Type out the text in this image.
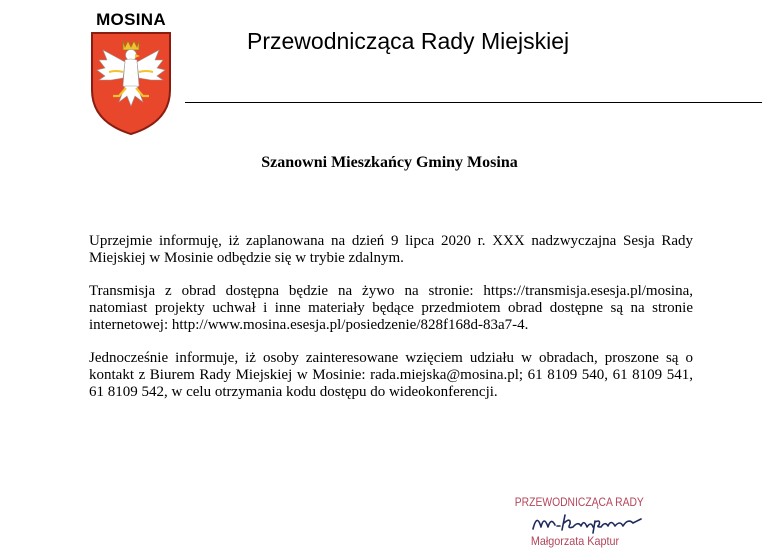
MOSINA
Przewodnicząca Rady Miejskiej
Szanowni Mieszkańcy Gminy Mosina

Uprzejmie informuję, iż zaplanowana na dzień 9 lipca 2020 r. XXX nadzwyczajna Sesja Rady Miejskiej w Mosinie odbędzie się w trybie zdalnym.

Transmisja z obrad dostępna będzie na żywo na stronie: https://transmisja.esesja.pl/mosina, natomiast projekty uchwał i inne materiały będące przedmiotem obrad dostępne są na stronie internetowej: http://www.mosina.esesja.pl/posiedzenie/828f168d-83a7-4.

Jednocześnie informuje, iż osoby zainteresowane wzięciem udziału w obradach, proszone są o kontakt z Biurem Rady Miejskiej w Mosinie: rada.miejska@mosina.pl; 61 8109 540, 61 8109 541, 61 8109 542, w celu otrzymania kodu dostępu do wideokonferencji.

PRZEWODNICZĄCA RADY
Małgorzata Kaptur
